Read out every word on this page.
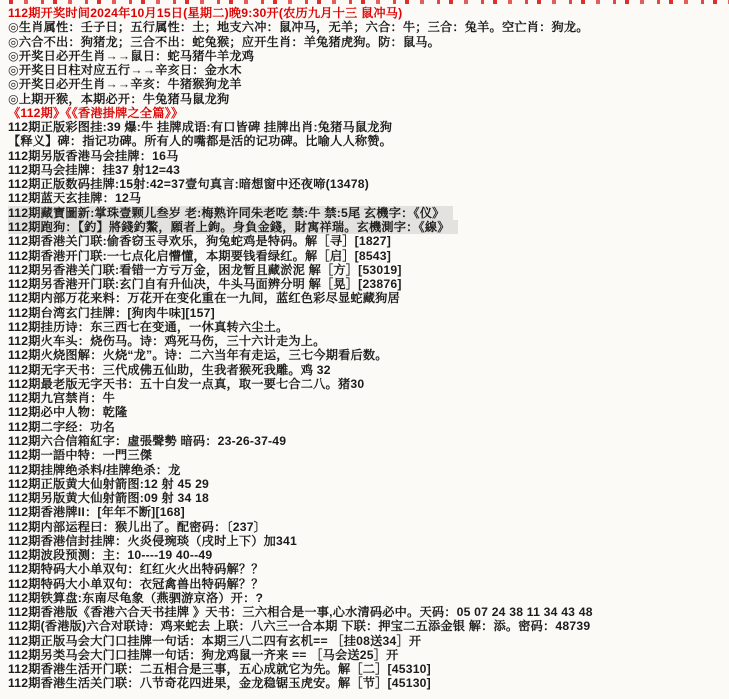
112期开奖时间2024年10月15日(星期二)晚9:30开(农历九月十三 鼠冲马)
◎生肖属性：壬子日；五行属性：土；地支六冲：鼠冲马，无羊；六合：牛；三合：兔羊。空亡肖：狗龙。
◎六合不出：狗猪龙；三合不出：蛇兔猴；应开生肖：羊兔猪虎狗。防：鼠马。
◎开奖日必开生肖→→鼠日：蛇马猪牛羊龙鸡
◎开奖日日柱对应五行→→辛亥日：金水木
◎开奖日必开生肖→→辛亥：牛猪猴狗龙羊
◎上期开猴，本期必开：牛兔猪马鼠龙狗
《112期》《《香港掛牌之全篇》》
112期正版彩图挂:39 爆:牛 挂牌成语:有口皆碑 挂牌出肖:兔猪马鼠龙狗
【释义】碑：指记功碑。所有人的嘴都是活的记功碑。比喻人人称赞。
112期另版香港马会挂牌：16马
112期马会挂牌：挂37 射12=43
112期正版数码挂牌:15射:42=37壹句真言:暗想窗中还夜啼(13478)
112期蓝天玄挂牌：12马
112期藏寶圖新:掌珠壹颗儿叁岁 老:梅熟许同朱老吃 禁:牛 禁:5尾 玄機字：《仪》
112期跑狗：【釣】將錢釣鰲，願者上鉤。身負金錢，財寓祥瑞。玄機測字：《線》
112期香港关门联:偷香窃玉寻欢乐，狗兔蛇鸡是特码。解［寻］[1827]
112期香港开门联:一七点化启懵懂，本期要钱看绿红。解［启］[8543]
112期另香港关门联:看错一方亏万金，困龙暂且藏淤泥 解［方］[53019]
112期另香港开门联:玄门自有升仙决，牛头马面辨分明 解［晃］[23876]
112期内部万花来料：万花开在变化重在一九间，蓝红色彩尽显蛇藏狗居
112期台湾玄门挂牌：[狗肉牛味][157]
112期挂历诗：东三西七在变通，一休真转六尘土。
112期火车头：烧伤马。诗：鸡死马伤，三十六计走为上。
112期火烧图解：火烧“龙”。诗：二六当年有走运，三七今期看后数。
112期无字天书：三代成佛五仙助，生我者猴死我雕。鸡 32
112期最老版无字天书：五十白发一点真，取一要七合二八。猪30
112期九宫禁肖：牛
112期必中人物：乾隆
112期二字经：功名
112期六合信箱紅字：虛張聲勢 暗码：23-26-37-49
112期一語中特：一門三傑
112期挂牌绝杀料/挂牌绝杀：龙
112期正版黄大仙射箭图:12 射 45 29
112期另版黄大仙射箭图:09 射 34 18
112期香港牌II：[年年不断][168]
112期内部运程曰：猴儿出了。配密码：〔237〕
112期香港信封挂牌：火炎侵琬琰（戌时上下）加341
112期波段预测：主：10----19 40--49
112期特码大小单双句：红红火火出特码解？？
112期特码大小单双句：衣冠禽兽出特码解？？
112期铁算盘:东南尽龟象（燕驷游京洛）开：?
112期香港版《香港六合天书挂牌 》天书：三六相合是一事,心水清码必中。天码：05 07 24 38 11 34 43 48
112期(香港版)六合对联诗：鸡来蛇去 上联：八六三一合本期 下联：押宝二五添金银 解：添。密码：48739
112期正版马会大门口挂牌一句话：本期三八二四有玄机== ［挂08送34］开
112期另类马会大门口挂牌一句话：狗龙鸡鼠一齐来 == ［马会送25］开
112期香港生活开门联：二五相合是三事，五心成就它为先。解［二］[45310]
112期香港生活关门联：八节奇花四进果，金龙稳锯玉虎安。解［节］[45130]
